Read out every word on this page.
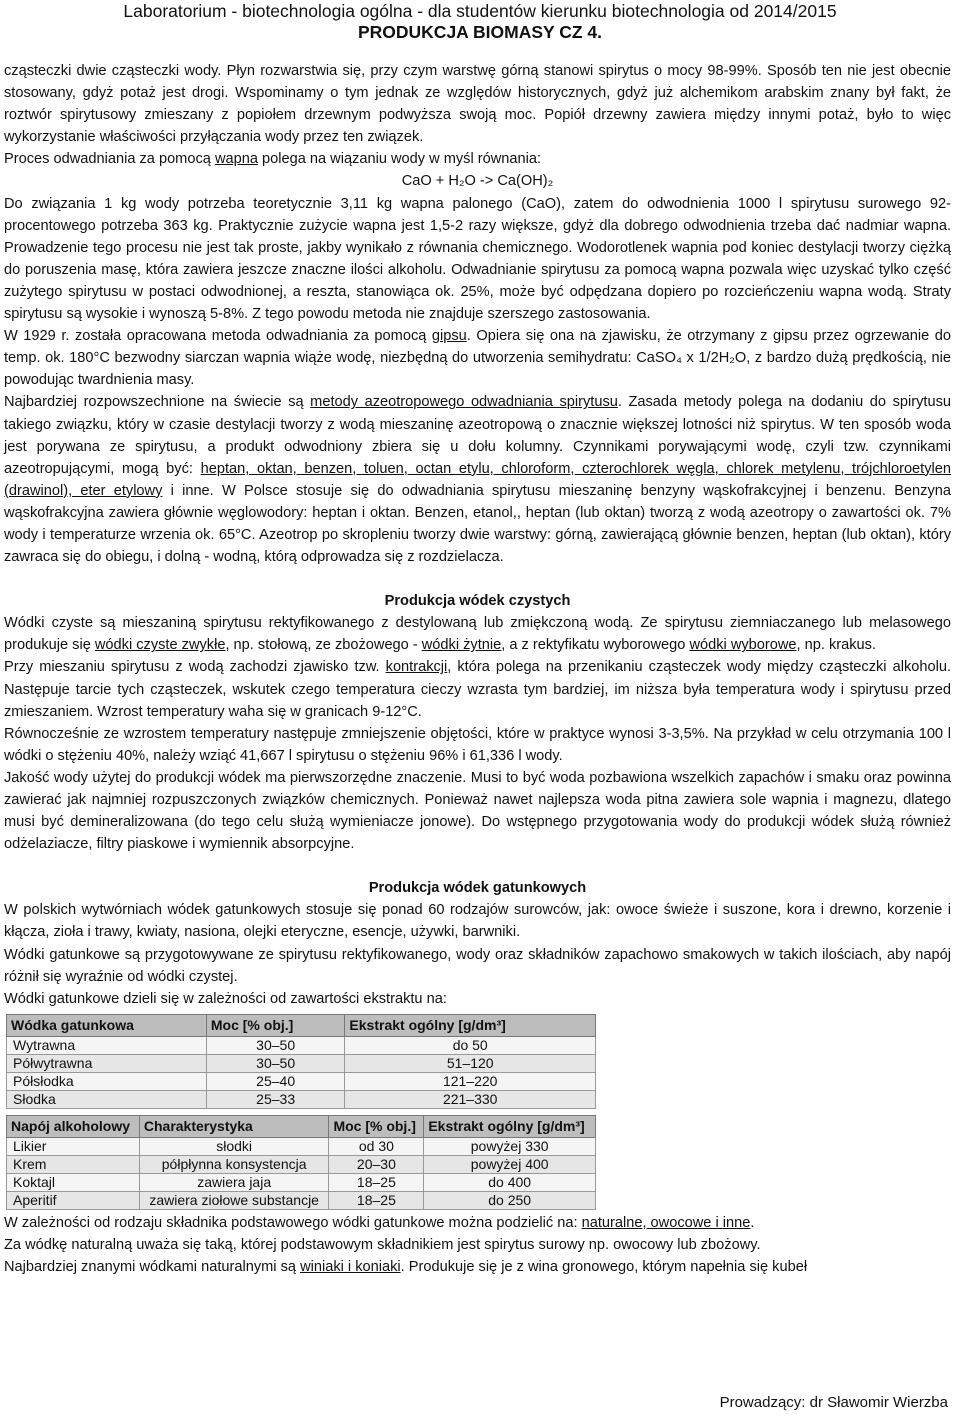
Laboratorium - biotechnologia ogólna - dla studentów kierunku biotechnologia od 2014/2015
PRODUKCJA BIOMASY CZ 4.

cząsteczki dwie cząsteczki wody. Płyn rozwarstwia się, przy czym warstwę górną stanowi spirytus o mocy 98-99%. Sposób ten nie jest obecnie stosowany, gdyż potaż jest drogi. Wspominamy o tym jednak ze względów historycznych, gdyż już alchemikom arabskim znany był fakt, że roztwór spirytusowy zmieszany z popiołem drzewnym podwyższa swoją moc. Popiół drzewny zawiera między innymi potaż, było to więc wykorzystanie właściwości przyłączania wody przez ten związek.

Proces odwadniania za pomocą wapna polega na wiązaniu wody w myśl równania:

CaO + H₂O -> Ca(OH)₂

Do związania 1 kg wody potrzeba teoretycznie 3,11 kg wapna palonego (CaO), zatem do odwodnienia 1000 l spirytusu surowego 92-procentowego potrzeba 363 kg. Praktycznie zużycie wapna jest 1,5-2 razy większe, gdyż dla dobrego odwodnienia trzeba dać nadmiar wapna. Prowadzenie tego procesu nie jest tak proste, jakby wynikało z równania chemicznego. Wodorotlenek wapnia pod koniec destylacji tworzy ciężką do poruszenia masę, która zawiera jeszcze znaczne ilości alkoholu. Odwadnianie spirytusu za pomocą wapna pozwala więc uzyskać tylko część zużytego spirytusu w postaci odwodnionej, a reszta, stanowiąca ok. 25%, może być odpędzana dopiero po rozcieńczeniu wapna wodą. Straty spirytusu są wysokie i wynoszą 5-8%. Z tego powodu metoda nie znajduje szerszego zastosowania.

W 1929 r. została opracowana metoda odwadniania za pomocą gipsu. Opiera się ona na zjawisku, że otrzymany z gipsu przez ogrzewanie do temp. ok. 180°C bezwodny siarczan wapnia wiąże wodę, niezbędną do utworzenia semihydratu: CaSO₄ x 1/2H₂O, z bardzo dużą prędkością, nie powodując twardnienia masy.

Najbardziej rozpowszechnione na świecie są metody azeotropowego odwadniania spirytusu. Zasada metody polega na dodaniu do spirytusu takiego związku, który w czasie destylacji tworzy z wodą mieszaninę azeotropową o znacznie większej lotności niż spirytus. W ten sposób woda jest porywana ze spirytusu, a produkt odwodniony zbiera się u dołu kolumny. Czynnikami porywającymi wodę, czyli tzw. czynnikami azeotropującymi, mogą być: heptan, oktan, benzen, toluen, octan etylu, chloroform, czterochlorek węgla, chlorek metylenu, trójchloroetylen (drawinol), eter etylowy i inne. W Polsce stosuje się do odwadniania spirytusu mieszaninę benzyny wąskofrakcyjnej i benzenu. Benzyna wąskofrakcyjna zawiera głównie węglowodory: heptan i oktan. Benzen, etanol,, heptan (lub oktan) tworzą z wodą azeotropy o zawartości ok. 7% wody i temperaturze wrzenia ok. 65°C. Azeotrop po skropleniu tworzy dwie warstwy: górną, zawierającą głównie benzen, heptan (lub oktan), który zawraca się do obiegu, i dolną - wodną, którą odprowadza się z rozdzielacza.

Produkcja wódek czystych

Wódki czyste są mieszaniną spirytusu rektyfikowanego z destylowaną lub zmiękczoną wodą. Ze spirytusu ziemniaczanego lub melasowego produkuje się wódki czyste zwykłe, np. stołową, ze zbożowego - wódki żytnie, a z rektyfikatu wyborowego wódki wyborowe, np. krakus.

Przy mieszaniu spirytusu z wodą zachodzi zjawisko tzw. kontrakcji, która polega na przenikaniu cząsteczek wody między cząsteczki alkoholu. Następuje tarcie tych cząsteczek, wskutek czego temperatura cieczy wzrasta tym bardziej, im niższa była temperatura wody i spirytusu przed zmieszaniem. Wzrost temperatury waha się w granicach 9-12°C.

Równocześnie ze wzrostem temperatury następuje zmniejszenie objętości, które w praktyce wynosi 3-3,5%. Na przykład w celu otrzymania 100 l wódki o stężeniu 40%, należy wziąć 41,667 l spirytusu o stężeniu 96% i 61,336 l wody.

Jakość wody użytej do produkcji wódek ma pierwszorzędne znaczenie. Musi to być woda pozbawiona wszelkich zapachów i smaku oraz powinna zawierać jak najmniej rozpuszczonych związków chemicznych. Ponieważ nawet najlepsza woda pitna zawiera sole wapnia i magnezu, dlatego musi być demineralizowana (do tego celu służą wymieniacze jonowe). Do wstępnego przygotowania wody do produkcji wódek służą również odżelaziacze, filtry piaskowe i wymiennik absorpcyjne.

Produkcja wódek gatunkowych

W polskich wytwórniach wódek gatunkowych stosuje się ponad 60 rodzajów surowców, jak: owoce świeże i suszone, kora i drewno, korzenie i kłącza, zioła i trawy, kwiaty, nasiona, olejki eteryczne, esencje, używki, barwniki.

Wódki gatunkowe są przygotowywane ze spirytusu rektyfikowanego, wody oraz składników zapachowo smakowych w takich ilościach, aby napój różnił się wyraźnie od wódki czystej.

Wódki gatunkowe dzieli się w zależności od zawartości ekstraktu na:

Wódka gatunkowa	Moc [% obj.]	Ekstrakt ogólny [g/dm³]
Wytrawna	30–50	do 50
Półwytrawna	30–50	51–120
Półsłodka	25–40	121–220
Słodka	25–33	221–330
Napój alkoholowy	Charakterystyka	Moc [% obj.]	Ekstrakt ogólny [g/dm³]
Likier	słodki	od 30	powyżej 330
Krem	półpłynna konsystencja	20–30	powyżej 400
Koktajl	zawiera jaja	18–25	do 400
Aperitif	zawiera ziołowe substancje	18–25	do 250

W zależności od rodzaju składnika podstawowego wódki gatunkowe można podzielić na: naturalne, owocowe i inne.

Za wódkę naturalną uważa się taką, której podstawowym składnikiem jest spirytus surowy np. owocowy lub zbożowy.

Najbardziej znanymi wódkami naturalnymi są winiaki i koniaki. Produkuje się je z wina gronowego, którym napełnia się kubeł

Prowadzący: dr Sławomir Wierzba
